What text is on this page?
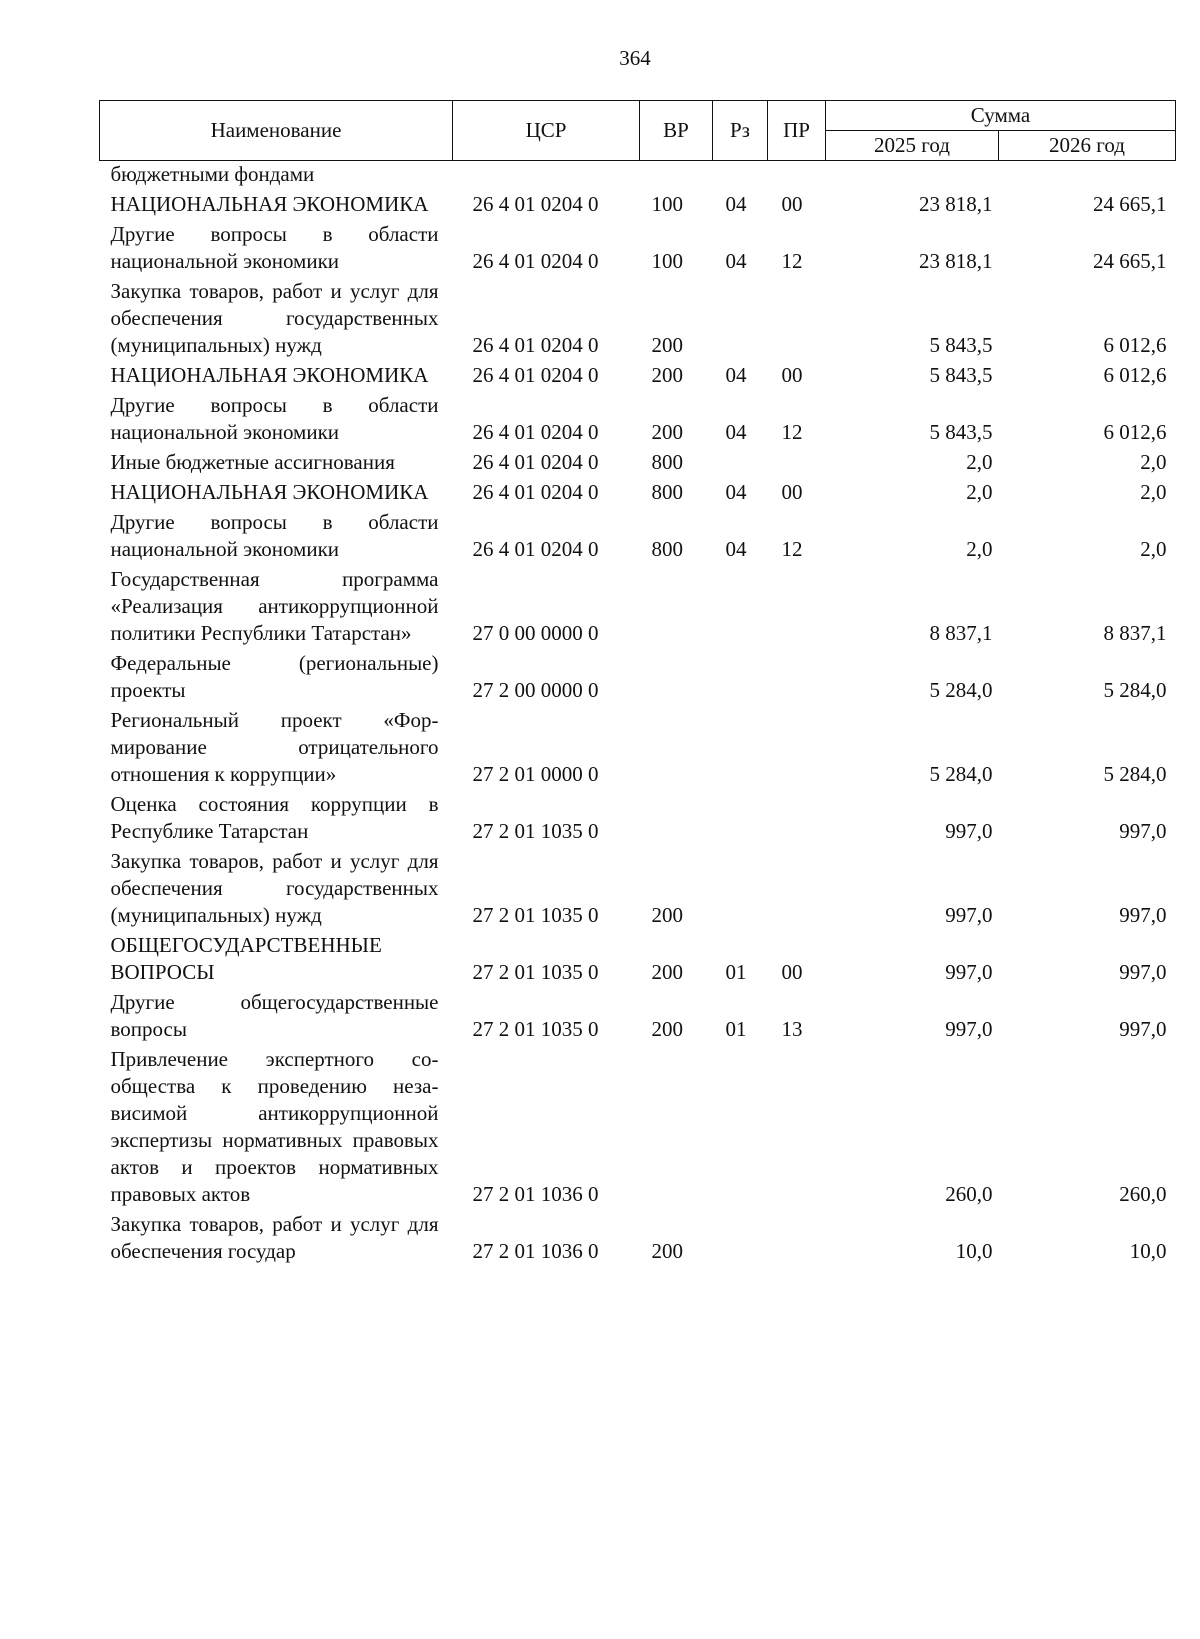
364
Наименование	ЦСР	ВР	Рз	ПР	Сумма	
					2025 год	2026 год
бюджетными фондами						
НАЦИОНАЛЬНАЯ ЭКОНОМИКА	26 4 01 0204 0	100	04	00	23 818,1	24 665,1
Другие вопросы в области национальной экономики	26 4 01 0204 0	100	04	12	23 818,1	24 665,1
Закупка товаров, работ и услуг для обеспечения государственных (муниципальных) нужд	26 4 01 0204 0	200			5 843,5	6 012,6
НАЦИОНАЛЬНАЯ ЭКОНОМИКА	26 4 01 0204 0	200	04	00	5 843,5	6 012,6
Другие вопросы в области национальной экономики	26 4 01 0204 0	200	04	12	5 843,5	6 012,6
Иные бюджетные ассигнования	26 4 01 0204 0	800			2,0	2,0
НАЦИОНАЛЬНАЯ ЭКОНОМИКА	26 4 01 0204 0	800	04	00	2,0	2,0
Другие вопросы в области национальной экономики	26 4 01 0204 0	800	04	12	2,0	2,0
Государственная программа «Реализация антикоррупционной политики Республики Татарстан»	27 0 00 0000 0				8 837,1	8 837,1
Федеральные (региональные) проекты	27 2 00 0000 0				5 284,0	5 284,0
Региональный проект «Формирование отрицательного отношения к коррупции»	27 2 01 0000 0				5 284,0	5 284,0
Оценка состояния коррупции в Республике Татарстан	27 2 01 1035 0				997,0	997,0
Закупка товаров, работ и услуг для обеспечения государственных (муниципальных) нужд	27 2 01 1035 0	200			997,0	997,0
ОБЩЕГОСУДАРСТВЕННЫЕ ВОПРОСЫ	27 2 01 1035 0	200	01	00	997,0	997,0
Другие общегосударственные вопросы	27 2 01 1035 0	200	01	13	997,0	997,0
Привлечение экспертного сообщества к проведению независимой антикоррупционной экспертизы нормативных правовых актов и проектов нормативных правовых актов	27 2 01 1036 0				260,0	260,0
Закупка товаров, работ и услуг для обеспечения государ	27 2 01 1036 0	200			10,0	10,0
